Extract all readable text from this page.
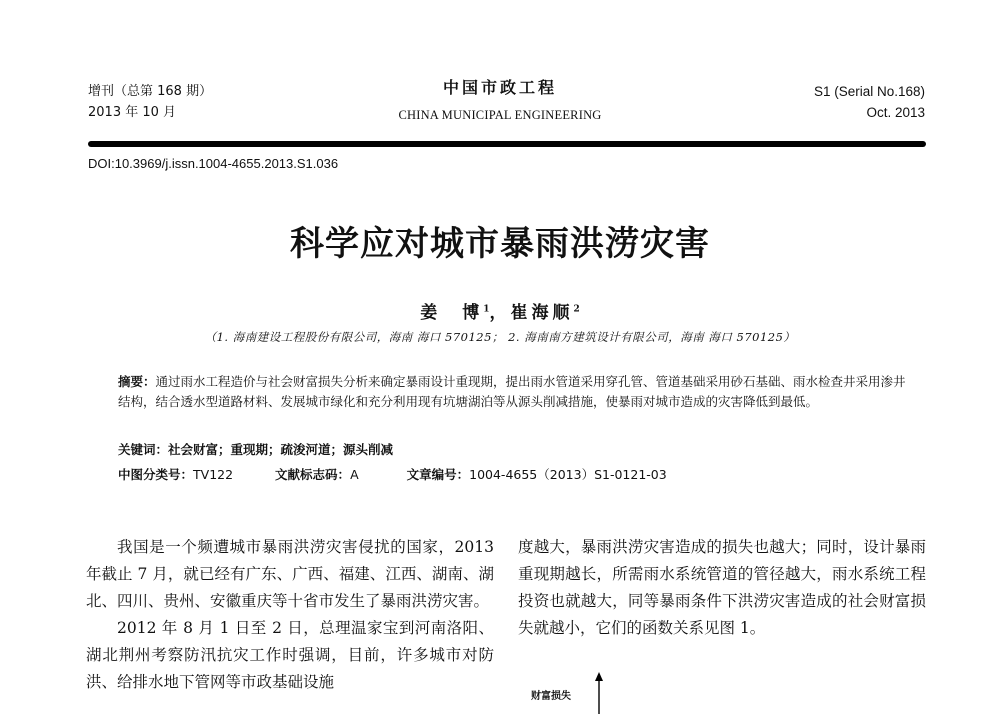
增刊（总第 168 期）
2013 年 10 月
中国市政工程
CHINA MUNICIPAL ENGINEERING
S1 (Serial No.168)
Oct. 2013
DOI:10.3969/j.issn.1004-4655.2013.S1.036
科学应对城市暴雨洪涝灾害
姜　博$^1$，崔海顺$^2$
（1. 海南建设工程股份有限公司，海南 海口 570125； 2. 海南南方建筑设计有限公司，海南 海口 570125）
摘要：通过雨水工程造价与社会财富损失分析来确定暴雨设计重现期，提出雨水管道采用穿孔管、管道基础采用砂石基础、雨水检查井采用渗井结构，结合透水型道路材料、发展城市绿化和充分利用现有坑塘湖泊等从源头削减措施，使暴雨对城市造成的灾害降低到最低。
关键词：社会财富；重现期；疏浚河道；源头削减
中图分类号：TV122	文献标志码：A	文章编号：1004-4655（2013）S1-0121-03

我国是一个频遭城市暴雨洪涝灾害侵扰的国家，2013 年截止 7 月，就已经有广东、广西、福建、江西、湖南、湖北、四川、贵州、安徽重庆等十省市发生了暴雨洪涝灾害。

2012 年 8 月 1 日至 2 日，总理温家宝到河南洛阳、湖北荆州考察防汛抗灾工作时强调，目前，许多城市对防洪、给排水地下管网等市政基础设施

度越大，暴雨洪涝灾害造成的损失也越大；同时，设计暴雨重现期越长，所需雨水系统管道的管径越大，雨水系统工程投资也就越大，同等暴雨条件下洪涝灾害造成的社会财富损失就越小，它们的函数关系见图 1。

财富损失
